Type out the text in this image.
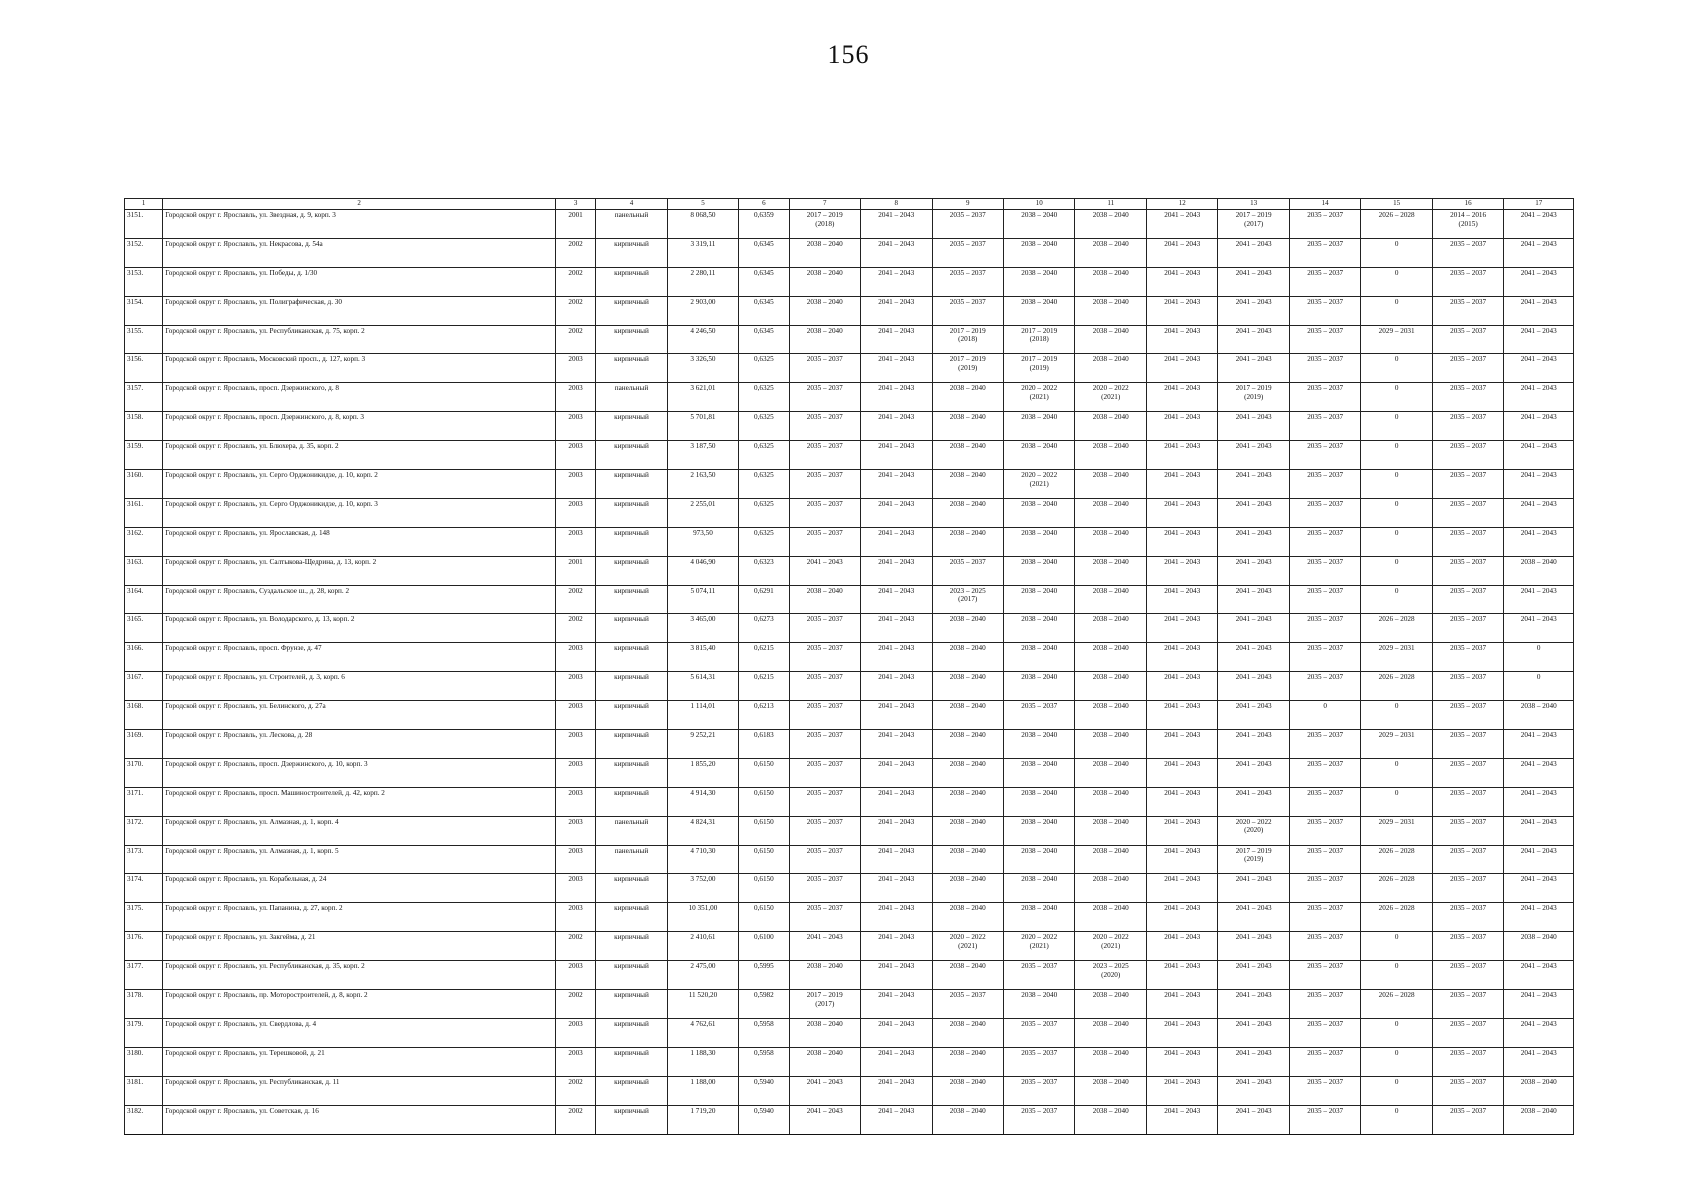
156
1	2	3	4	5	6	7	8	9	10	11	12	13	14	15	16	17

3151.	Городской округ г. Ярославль, ул. Звездная, д. 9, корп. 3	2001	панельный	8 068,50	0,6359	2017 – 2019
(2018)	2041 – 2043	2035 – 2037	2038 – 2040	2038 – 2040	2041 – 2043	2017 – 2019
(2017)	2035 – 2037	2026 – 2028	2014 – 2016
(2015)	2041 – 2043

3152.	Городской округ г. Ярославль, ул. Некрасова, д. 54а	2002	кирпичный	3 319,11	0,6345	2038 – 2040	2041 – 2043	2035 – 2037	2038 – 2040	2038 – 2040	2041 – 2043	2041 – 2043	2035 – 2037	0	2035 – 2037	2041 – 2043

3153.	Городской округ г. Ярославль, ул. Победы, д. 1/30	2002	кирпичный	2 280,11	0,6345	2038 – 2040	2041 – 2043	2035 – 2037	2038 – 2040	2038 – 2040	2041 – 2043	2041 – 2043	2035 – 2037	0	2035 – 2037	2041 – 2043

3154.	Городской округ г. Ярославль, ул. Полиграфическая, д. 30	2002	кирпичный	2 903,00	0,6345	2038 – 2040	2041 – 2043	2035 – 2037	2038 – 2040	2038 – 2040	2041 – 2043	2041 – 2043	2035 – 2037	0	2035 – 2037	2041 – 2043

3155.	Городской округ г. Ярославль, ул. Республиканская, д. 75, корп. 2	2002	кирпичный	4 246,50	0,6345	2038 – 2040	2041 – 2043	2017 – 2019
(2018)	2017 – 2019
(2018)	2038 – 2040	2041 – 2043	2041 – 2043	2035 – 2037	2029 – 2031	2035 – 2037	2041 – 2043

3156.	Городской округ г. Ярославль, Московский просп., д. 127, корп. 3	2003	кирпичный	3 326,50	0,6325	2035 – 2037	2041 – 2043	2017 – 2019
(2019)	2017 – 2019
(2019)	2038 – 2040	2041 – 2043	2041 – 2043	2035 – 2037	0	2035 – 2037	2041 – 2043

3157.	Городской округ г. Ярославль, просп. Дзержинского, д. 8	2003	панельный	3 621,01	0,6325	2035 – 2037	2041 – 2043	2038 – 2040	2020 – 2022
(2021)	2020 – 2022
(2021)	2041 – 2043	2017 – 2019
(2019)	2035 – 2037	0	2035 – 2037	2041 – 2043

3158.	Городской округ г. Ярославль, просп. Дзержинского, д. 8, корп. 3	2003	кирпичный	5 701,81	0,6325	2035 – 2037	2041 – 2043	2038 – 2040	2038 – 2040	2038 – 2040	2041 – 2043	2041 – 2043	2035 – 2037	0	2035 – 2037	2041 – 2043

3159.	Городской округ г. Ярославль, ул. Блюхера, д. 35, корп. 2	2003	кирпичный	3 187,50	0,6325	2035 – 2037	2041 – 2043	2038 – 2040	2038 – 2040	2038 – 2040	2041 – 2043	2041 – 2043	2035 – 2037	0	2035 – 2037	2041 – 2043

3160.	Городской округ г. Ярославль, ул. Серго Орджоникидзе, д. 10, корп. 2	2003	кирпичный	2 163,50	0,6325	2035 – 2037	2041 – 2043	2038 – 2040	2020 – 2022
(2021)	2038 – 2040	2041 – 2043	2041 – 2043	2035 – 2037	0	2035 – 2037	2041 – 2043

3161.	Городской округ г. Ярославль, ул. Серго Орджоникидзе, д. 10, корп. 3	2003	кирпичный	2 255,01	0,6325	2035 – 2037	2041 – 2043	2038 – 2040	2038 – 2040	2038 – 2040	2041 – 2043	2041 – 2043	2035 – 2037	0	2035 – 2037	2041 – 2043

3162.	Городской округ г. Ярославль, ул. Ярославская, д. 148	2003	кирпичный	973,50	0,6325	2035 – 2037	2041 – 2043	2038 – 2040	2038 – 2040	2038 – 2040	2041 – 2043	2041 – 2043	2035 – 2037	0	2035 – 2037	2041 – 2043

3163.	Городской округ г. Ярославль, ул. Салтыкова-Щедрина, д. 13, корп. 2	2001	кирпичный	4 046,90	0,6323	2041 – 2043	2041 – 2043	2035 – 2037	2038 – 2040	2038 – 2040	2041 – 2043	2041 – 2043	2035 – 2037	0	2035 – 2037	2038 – 2040

3164.	Городской округ г. Ярославль, Суздальское ш., д. 28, корп. 2	2002	кирпичный	5 074,11	0,6291	2038 – 2040	2041 – 2043	2023 – 2025
(2017)	2038 – 2040	2038 – 2040	2041 – 2043	2041 – 2043	2035 – 2037	0	2035 – 2037	2041 – 2043

3165.	Городской округ г. Ярославль, ул. Володарского, д. 13, корп. 2	2002	кирпичный	3 465,00	0,6273	2035 – 2037	2041 – 2043	2038 – 2040	2038 – 2040	2038 – 2040	2041 – 2043	2041 – 2043	2035 – 2037	2026 – 2028	2035 – 2037	2041 – 2043

3166.	Городской округ г. Ярославль, просп. Фрунзе, д. 47	2003	кирпичный	3 815,40	0,6215	2035 – 2037	2041 – 2043	2038 – 2040	2038 – 2040	2038 – 2040	2041 – 2043	2041 – 2043	2035 – 2037	2029 – 2031	2035 – 2037	0

3167.	Городской округ г. Ярославль, ул. Строителей, д. 3, корп. 6	2003	кирпичный	5 614,31	0,6215	2035 – 2037	2041 – 2043	2038 – 2040	2038 – 2040	2038 – 2040	2041 – 2043	2041 – 2043	2035 – 2037	2026 – 2028	2035 – 2037	0

3168.	Городской округ г. Ярославль, ул. Белинского, д. 27а	2003	кирпичный	1 114,01	0,6213	2035 – 2037	2041 – 2043	2038 – 2040	2035 – 2037	2038 – 2040	2041 – 2043	2041 – 2043	0	0	2035 – 2037	2038 – 2040

3169.	Городской округ г. Ярославль, ул. Лескова, д. 28	2003	кирпичный	9 252,21	0,6183	2035 – 2037	2041 – 2043	2038 – 2040	2038 – 2040	2038 – 2040	2041 – 2043	2041 – 2043	2035 – 2037	2029 – 2031	2035 – 2037	2041 – 2043

3170.	Городской округ г. Ярославль, просп. Дзержинского, д. 10, корп. 3	2003	кирпичный	1 855,20	0,6150	2035 – 2037	2041 – 2043	2038 – 2040	2038 – 2040	2038 – 2040	2041 – 2043	2041 – 2043	2035 – 2037	0	2035 – 2037	2041 – 2043

3171.	Городской округ г. Ярославль, просп. Машиностроителей, д. 42, корп. 2	2003	кирпичный	4 914,30	0,6150	2035 – 2037	2041 – 2043	2038 – 2040	2038 – 2040	2038 – 2040	2041 – 2043	2041 – 2043	2035 – 2037	0	2035 – 2037	2041 – 2043

3172.	Городской округ г. Ярославль, ул. Алмазная, д. 1, корп. 4	2003	панельный	4 824,31	0,6150	2035 – 2037	2041 – 2043	2038 – 2040	2038 – 2040	2038 – 2040	2041 – 2043	2020 – 2022
(2020)	2035 – 2037	2029 – 2031	2035 – 2037	2041 – 2043

3173.	Городской округ г. Ярославль, ул. Алмазная, д. 1, корп. 5	2003	панельный	4 710,30	0,6150	2035 – 2037	2041 – 2043	2038 – 2040	2038 – 2040	2038 – 2040	2041 – 2043	2017 – 2019
(2019)	2035 – 2037	2026 – 2028	2035 – 2037	2041 – 2043

3174.	Городской округ г. Ярославль, ул. Корабельная, д. 24	2003	кирпичный	3 752,00	0,6150	2035 – 2037	2041 – 2043	2038 – 2040	2038 – 2040	2038 – 2040	2041 – 2043	2041 – 2043	2035 – 2037	2026 – 2028	2035 – 2037	2041 – 2043

3175.	Городской округ г. Ярославль, ул. Папанина, д. 27, корп. 2	2003	кирпичный	10 351,00	0,6150	2035 – 2037	2041 – 2043	2038 – 2040	2038 – 2040	2038 – 2040	2041 – 2043	2041 – 2043	2035 – 2037	2026 – 2028	2035 – 2037	2041 – 2043

3176.	Городской округ г. Ярославль, ул. Закгейма, д. 21	2002	кирпичный	2 410,61	0,6100	2041 – 2043	2041 – 2043	2020 – 2022
(2021)	2020 – 2022
(2021)	2020 – 2022
(2021)	2041 – 2043	2041 – 2043	2035 – 2037	0	2035 – 2037	2038 – 2040

3177.	Городской округ г. Ярославль, ул. Республиканская, д. 35, корп. 2	2003	кирпичный	2 475,00	0,5995	2038 – 2040	2041 – 2043	2038 – 2040	2035 – 2037	2023 – 2025
(2020)	2041 – 2043	2041 – 2043	2035 – 2037	0	2035 – 2037	2041 – 2043

3178.	Городской округ г. Ярославль, пр. Моторостроителей, д. 8, корп. 2	2002	кирпичный	11 520,20	0,5982	2017 – 2019
(2017)	2041 – 2043	2035 – 2037	2038 – 2040	2038 – 2040	2041 – 2043	2041 – 2043	2035 – 2037	2026 – 2028	2035 – 2037	2041 – 2043

3179.	Городской округ г. Ярославль, ул. Свердлова, д. 4	2003	кирпичный	4 762,61	0,5958	2038 – 2040	2041 – 2043	2038 – 2040	2035 – 2037	2038 – 2040	2041 – 2043	2041 – 2043	2035 – 2037	0	2035 – 2037	2041 – 2043

3180.	Городской округ г. Ярославль, ул. Терешковой, д. 21	2003	кирпичный	1 188,30	0,5958	2038 – 2040	2041 – 2043	2038 – 2040	2035 – 2037	2038 – 2040	2041 – 2043	2041 – 2043	2035 – 2037	0	2035 – 2037	2041 – 2043

3181.	Городской округ г. Ярославль, ул. Республиканская, д. 11	2002	кирпичный	1 188,00	0,5940	2041 – 2043	2041 – 2043	2038 – 2040	2035 – 2037	2038 – 2040	2041 – 2043	2041 – 2043	2035 – 2037	0	2035 – 2037	2038 – 2040

3182.	Городской округ г. Ярославль, ул. Советская, д. 16	2002	кирпичный	1 719,20	0,5940	2041 – 2043	2041 – 2043	2038 – 2040	2035 – 2037	2038 – 2040	2041 – 2043	2041 – 2043	2035 – 2037	0	2035 – 2037	2038 – 2040
